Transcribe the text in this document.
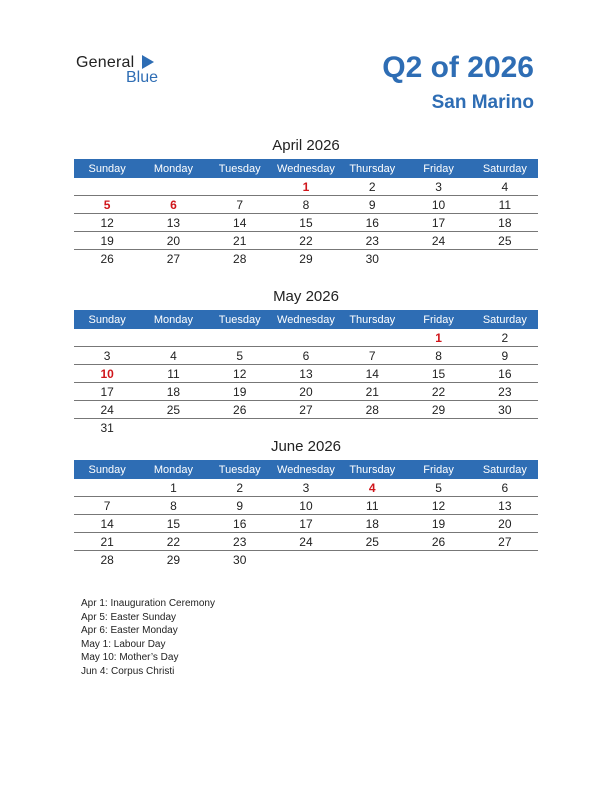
General
Blue	Q2 of 2026
San Marino
April 2026
Sunday	Monday	Tuesday	Wednesday	Thursday	Friday	Saturday
			1	2	3	4
5	6	7	8	9	10	11
12	13	14	15	16	17	18
19	20	21	22	23	24	25
26	27	28	29	30		
May 2026
Sunday	Monday	Tuesday	Wednesday	Thursday	Friday	Saturday
					1	2
3	4	5	6	7	8	9
10	11	12	13	14	15	16
17	18	19	20	21	22	23
24	25	26	27	28	29	30
31						
June 2026
Sunday	Monday	Tuesday	Wednesday	Thursday	Friday	Saturday
	1	2	3	4	5	6
7	8	9	10	11	12	13
14	15	16	17	18	19	20
21	22	23	24	25	26	27
28	29	30				
Apr 1: Inauguration Ceremony
Apr 5: Easter Sunday
Apr 6: Easter Monday
May 1: Labour Day
May 10: Mother’s Day
Jun 4: Corpus Christi
